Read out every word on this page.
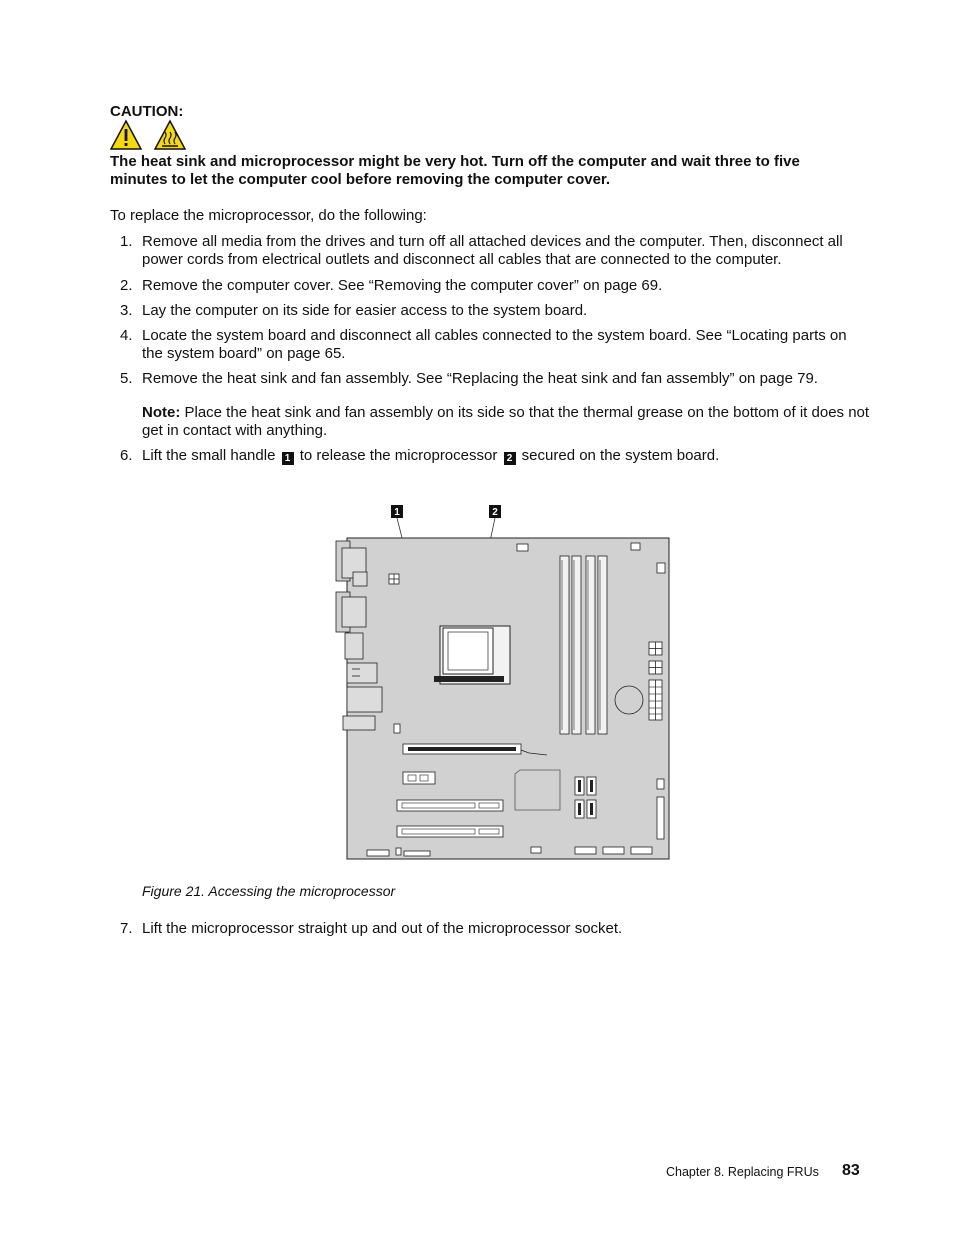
CAUTION:
The heat sink and microprocessor might be very hot. Turn off the computer and wait three to five minutes to let the computer cool before removing the computer cover.
To replace the microprocessor, do the following:

1. Remove all media from the drives and turn off all attached devices and the computer. Then, disconnect all power cords from electrical outlets and disconnect all cables that are connected to the computer.

2. Remove the computer cover. See “Removing the computer cover” on page 69.

3. Lay the computer on its side for easier access to the system board.

4. Locate the system board and disconnect all cables connected to the system board. See “Locating parts on the system board” on page 65.

5. Remove the heat sink and fan assembly. See “Replacing the heat sink and fan assembly” on page 79.

Note: Place the heat sink and fan assembly on its side so that the thermal grease on the bottom of it does not get in contact with anything.

6. Lift the small handle 1 to release the microprocessor 2 secured on the system board.

1	2
Figure 21. Accessing the microprocessor

7. Lift the microprocessor straight up and out of the microprocessor socket.

Chapter 8. Replacing FRUs 83
